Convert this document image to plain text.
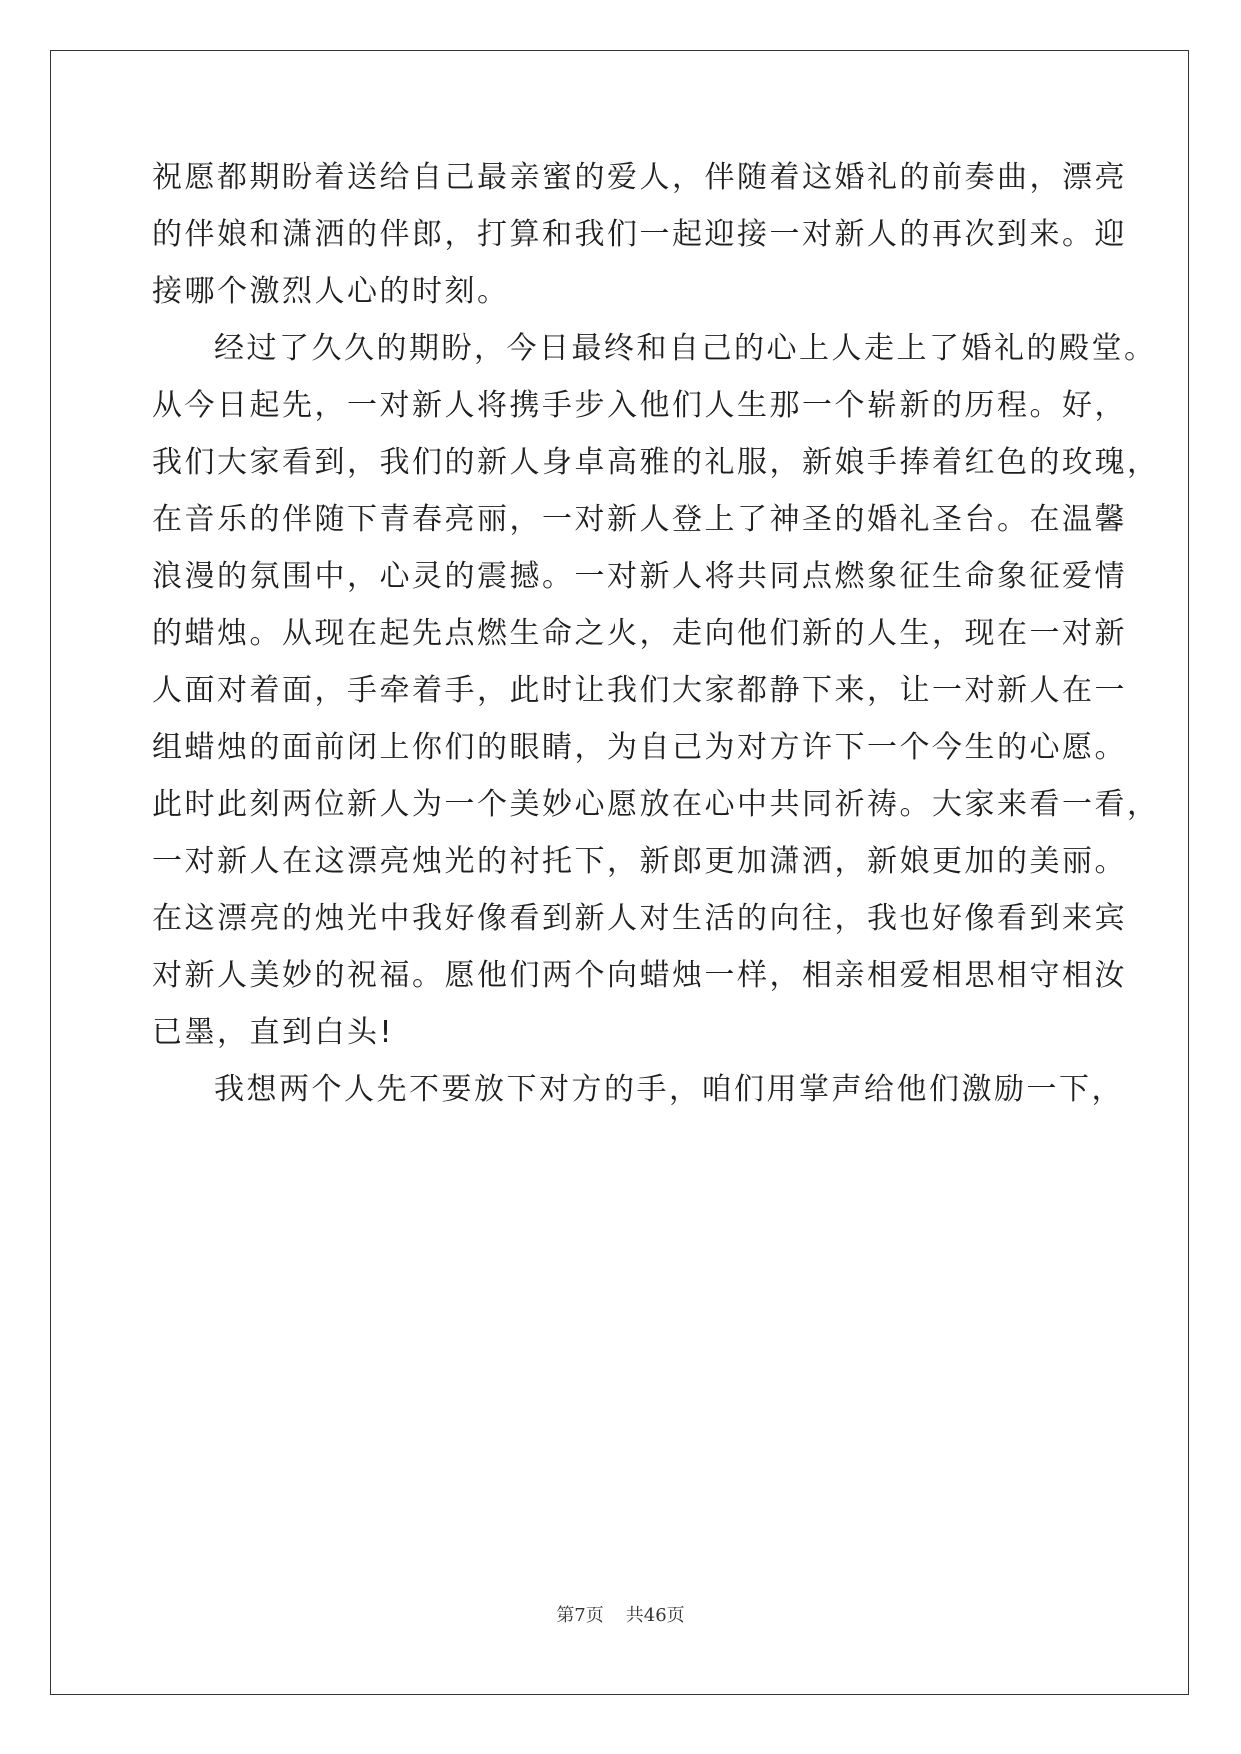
祝愿都期盼着送给自己最亲蜜的爱人，伴随着这婚礼的前奏曲，漂亮
的伴娘和潇洒的伴郎，打算和我们一起迎接一对新人的再次到来。迎
接哪个激烈人心的时刻。
经过了久久的期盼，今日最终和自己的心上人走上了婚礼的殿堂。
从今日起先，一对新人将携手步入他们人生那一个崭新的历程。好，
我们大家看到，我们的新人身卓高雅的礼服，新娘手捧着红色的玫瑰，
在音乐的伴随下青春亮丽，一对新人登上了神圣的婚礼圣台。在温馨
浪漫的氛围中，心灵的震撼。一对新人将共同点燃象征生命象征爱情
的蜡烛。从现在起先点燃生命之火，走向他们新的人生，现在一对新
人面对着面，手牵着手，此时让我们大家都静下来，让一对新人在一
组蜡烛的面前闭上你们的眼睛，为自己为对方许下一个今生的心愿。
此时此刻两位新人为一个美妙心愿放在心中共同祈祷。大家来看一看，
一对新人在这漂亮烛光的衬托下，新郎更加潇洒，新娘更加的美丽。
在这漂亮的烛光中我好像看到新人对生活的向往，我也好像看到来宾
对新人美妙的祝福。愿他们两个向蜡烛一样，相亲相爱相思相守相汝
已墨，直到白头!
我想两个人先不要放下对方的手，咱们用掌声给他们激励一下，
第7页 共46页
